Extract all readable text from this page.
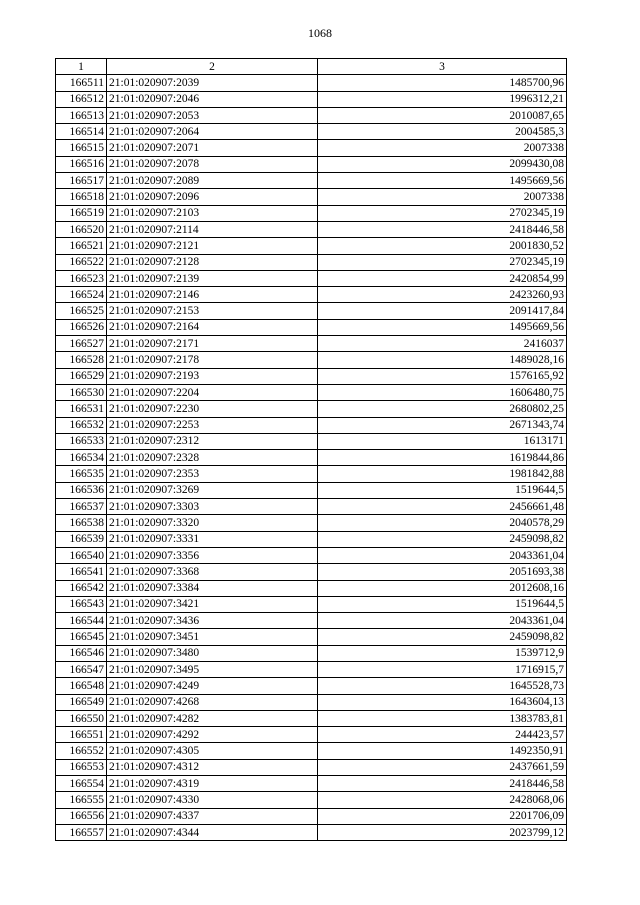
1068
1	2	3
166511	21:01:020907:2039	1485700,96
166512	21:01:020907:2046	1996312,21
166513	21:01:020907:2053	2010087,65
166514	21:01:020907:2064	2004585,3
166515	21:01:020907:2071	2007338
166516	21:01:020907:2078	2099430,08
166517	21:01:020907:2089	1495669,56
166518	21:01:020907:2096	2007338
166519	21:01:020907:2103	2702345,19
166520	21:01:020907:2114	2418446,58
166521	21:01:020907:2121	2001830,52
166522	21:01:020907:2128	2702345,19
166523	21:01:020907:2139	2420854,99
166524	21:01:020907:2146	2423260,93
166525	21:01:020907:2153	2091417,84
166526	21:01:020907:2164	1495669,56
166527	21:01:020907:2171	2416037
166528	21:01:020907:2178	1489028,16
166529	21:01:020907:2193	1576165,92
166530	21:01:020907:2204	1606480,75
166531	21:01:020907:2230	2680802,25
166532	21:01:020907:2253	2671343,74
166533	21:01:020907:2312	1613171
166534	21:01:020907:2328	1619844,86
166535	21:01:020907:2353	1981842,88
166536	21:01:020907:3269	1519644,5
166537	21:01:020907:3303	2456661,48
166538	21:01:020907:3320	2040578,29
166539	21:01:020907:3331	2459098,82
166540	21:01:020907:3356	2043361,04
166541	21:01:020907:3368	2051693,38
166542	21:01:020907:3384	2012608,16
166543	21:01:020907:3421	1519644,5
166544	21:01:020907:3436	2043361,04
166545	21:01:020907:3451	2459098,82
166546	21:01:020907:3480	1539712,9
166547	21:01:020907:3495	1716915,7
166548	21:01:020907:4249	1645528,73
166549	21:01:020907:4268	1643604,13
166550	21:01:020907:4282	1383783,81
166551	21:01:020907:4292	244423,57
166552	21:01:020907:4305	1492350,91
166553	21:01:020907:4312	2437661,59
166554	21:01:020907:4319	2418446,58
166555	21:01:020907:4330	2428068,06
166556	21:01:020907:4337	2201706,09
166557	21:01:020907:4344	2023799,12
